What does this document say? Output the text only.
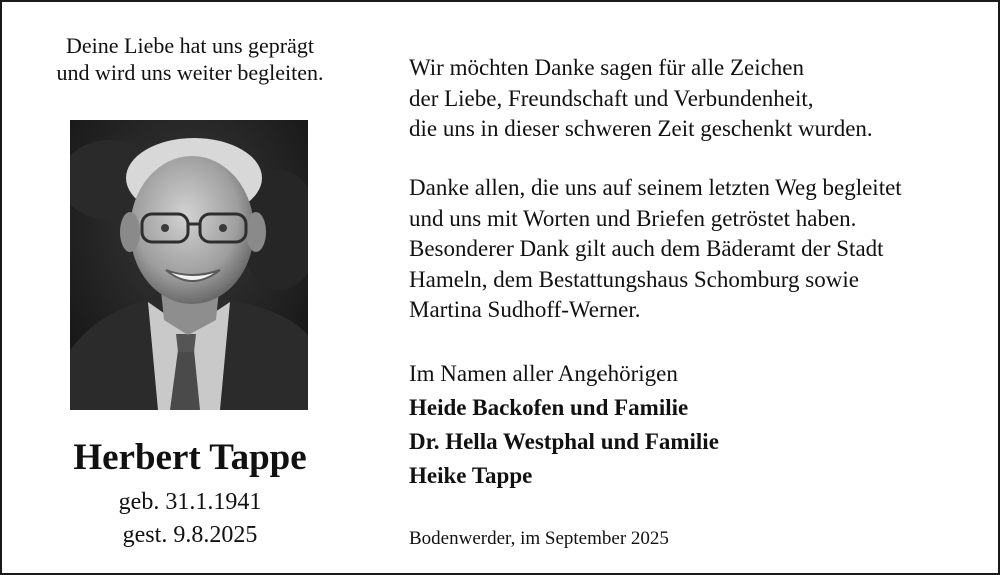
Deine Liebe hat uns geprägt
und wird uns weiter begleiten.
Herbert Tappe
geb. 31.1.1941
gest. 9.8.2025
Wir möchten Danke sagen für alle Zeichen
der Liebe, Freundschaft und Verbundenheit,
die uns in dieser schweren Zeit geschenkt wurden.
Danke allen, die uns auf seinem letzten Weg begleitet
und uns mit Worten und Briefen getröstet haben.
Besonderer Dank gilt auch dem Bäderamt der Stadt
Hameln, dem Bestattungshaus Schomburg sowie
Martina Sudhoff-Werner.
Im Namen aller Angehörigen
Heide Backofen und Familie
Dr. Hella Westphal und Familie
Heike Tappe
Bodenwerder, im September 2025
